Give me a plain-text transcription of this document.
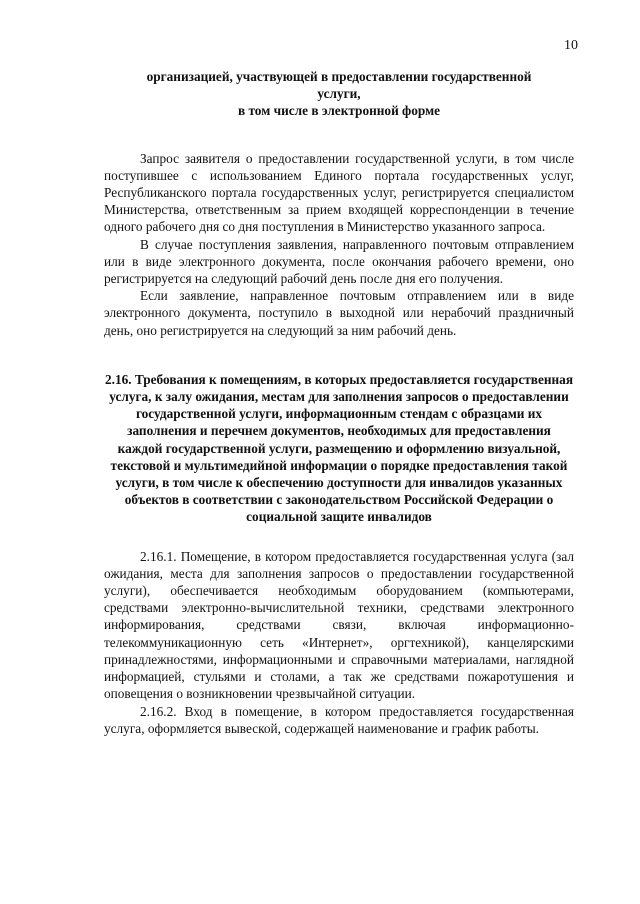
10

организацией, участвующей в предоставлении государственной

услуги,

в том числе в электронной форме

Запрос заявителя о предоставлении государственной услуги, в том числе поступившее с использованием Единого портала государственных услуг, Республиканского портала государственных услуг, регистрируется специалистом Министерства, ответственным за прием входящей корреспонденции в течение одного рабочего дня со дня поступления в Министерство указанного запроса.

В случае поступления заявления, направленного почтовым отправлением или в виде электронного документа, после окончания рабочего времени, оно регистрируется на следующий рабочий день после дня его получения.

Если заявление, направленное почтовым отправлением или в виде электронного документа, поступило в выходной или нерабочий праздничный день, оно регистрируется на следующий за ним рабочий день.

2.16. Требования к помещениям, в которых предоставляется государственная услуга, к залу ожидания, местам для заполнения запросов о предоставлении государственной услуги, информационным стендам с образцами их заполнения и перечнем документов, необходимых для предоставления каждой государственной услуги, размещению и оформлению визуальной, текстовой и мультимедийной информации о порядке предоставления такой услуги, в том числе к обеспечению доступности для инвалидов указанных объектов в соответствии с законодательством Российской Федерации о социальной защите инвалидов

2.16.1. Помещение, в котором предоставляется государственная услуга (зал ожидания, места для заполнения запросов о предоставлении государственной услуги), обеспечивается необходимым оборудованием (компьютерами, средствами электронно-вычислительной техники, средствами электронного информирования, средствами связи, включая информационно-телекоммуникационную сеть «Интернет», оргтехникой), канцелярскими принадлежностями, информационными и справочными материалами, наглядной информацией, стульями и столами, а так же средствами пожаротушения и оповещения о возникновении чрезвычайной ситуации.

2.16.2. Вход в помещение, в котором предоставляется государственная услуга, оформляется вывеской, содержащей наименование и график работы.
